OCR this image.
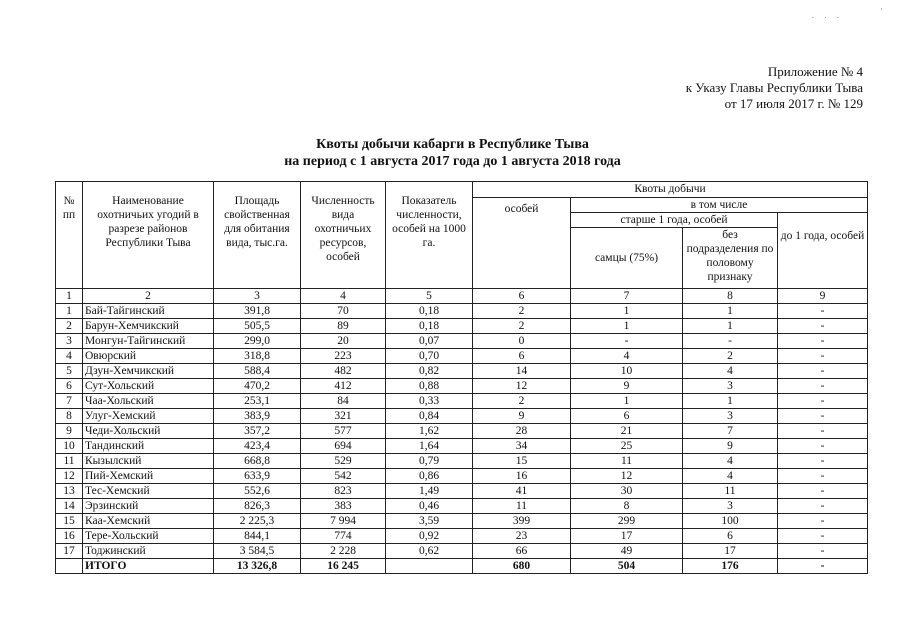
. . .
·
Приложение № 4
к Указу Главы Республики Тыва
от 17 июля 2017 г. № 129
Квоты добычи кабарги в Республике Тыва
на период с 1 августа 2017 года до 1 августа 2018 года
№ пп	Наименование охотничьих угодий в разрезе районов Республики Тыва	Площадь свойственная для обитания вида, тыс.га.	Численность вида охотничьих ресурсов, особей	Показатель численности, особей на 1000 га.	Квоты добычи			
					особей	в том числе		
						старше 1 года, особей		до 1 года, особей
						самцы (75%)	без подразделения по половому признаку	
1	2	3	4	5	6	7	8	9
1	Бай-Тайгинский	391,8	70	0,18	2	1	1	-
2	Барун-Хемчикский	505,5	89	0,18	2	1	1	-
3	Монгун-Тайгинский	299,0	20	0,07	0	-	-	-
4	Овюрский	318,8	223	0,70	6	4	2	-
5	Дзун-Хемчикский	588,4	482	0,82	14	10	4	-
6	Сут-Хольский	470,2	412	0,88	12	9	3	-
7	Чаа-Хольский	253,1	84	0,33	2	1	1	-
8	Улуг-Хемский	383,9	321	0,84	9	6	3	-
9	Чеди-Хольский	357,2	577	1,62	28	21	7	-
10	Тандинский	423,4	694	1,64	34	25	9	-
11	Кызылский	668,8	529	0,79	15	11	4	-
12	Пий-Хемский	633,9	542	0,86	16	12	4	-
13	Тес-Хемский	552,6	823	1,49	41	30	11	-
14	Эрзинский	826,3	383	0,46	11	8	3	-
15	Каа-Хемский	2 225,3	7 994	3,59	399	299	100	-
16	Тере-Хольский	844,1	774	0,92	23	17	6	-
17	Тоджинский	3 584,5	2 228	0,62	66	49	17	-
	ИТОГО	13 326,8	16 245		680	504	176	-
